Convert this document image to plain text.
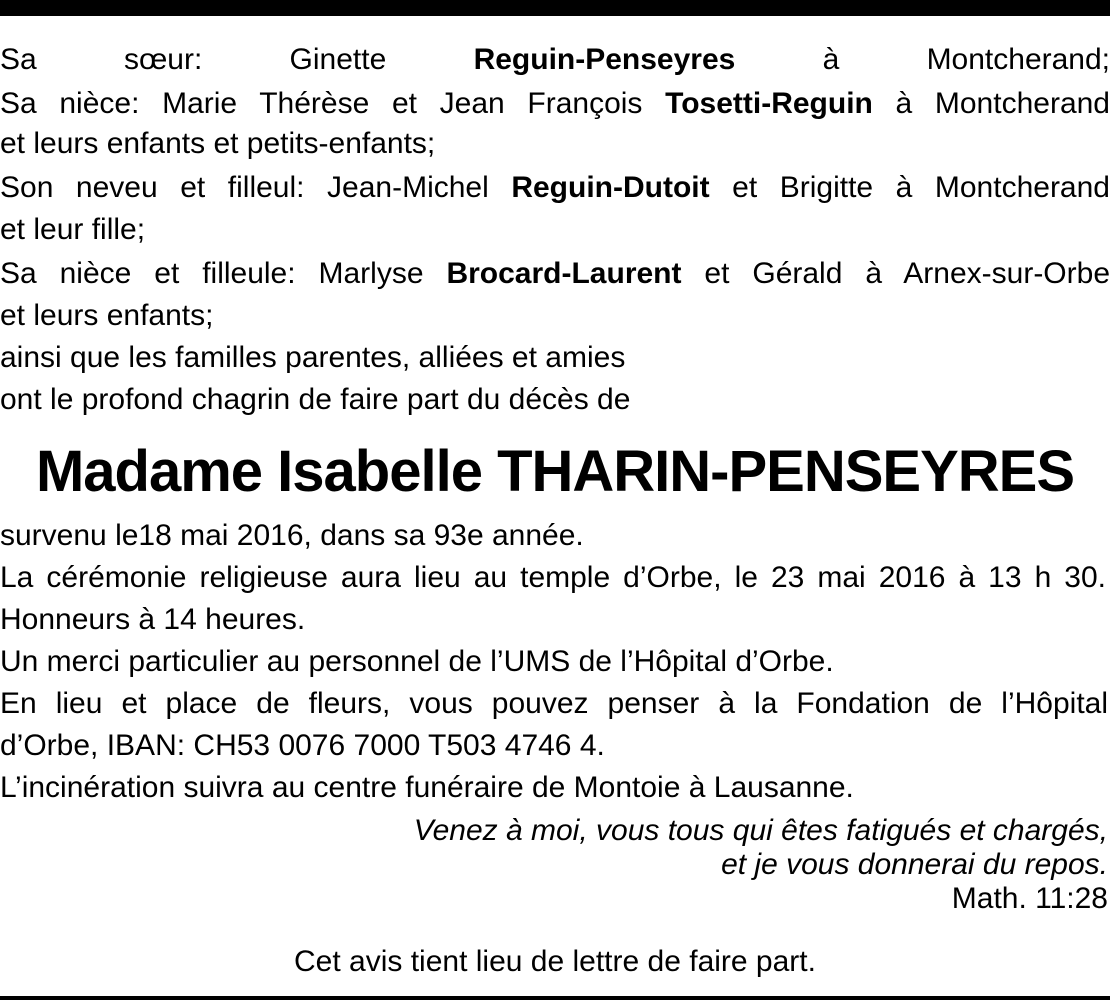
Sa sœur: Ginette Reguin-Penseyres à Montcherand;
Sa nièce: Marie Thérèse et Jean François Tosetti-Reguin à Montcherand
et leurs enfants et petits-enfants;
Son neveu et filleul: Jean-Michel Reguin-Dutoit et Brigitte à Montcherand
et leur fille;
Sa nièce et filleule: Marlyse Brocard-Laurent et Gérald à Arnex-sur-Orbe
et leurs enfants;
ainsi que les familles parentes, alliées et amies
ont le profond chagrin de faire part du décès de
Madame Isabelle THARIN-PENSEYRES
survenu le18 mai 2016, dans sa 93e année.
La cérémonie religieuse aura lieu au temple d’Orbe, le 23 mai 2016 à 13 h 30.
Honneurs à 14 heures.
Un merci particulier au personnel de l’UMS de l’Hôpital d’Orbe.
En lieu et place de fleurs, vous pouvez penser à la Fondation de l’Hôpital
d’Orbe, IBAN: CH53 0076 7000 T503 4746 4.
L’incinération suivra au centre funéraire de Montoie à Lausanne.
Venez à moi, vous tous qui êtes fatigués et chargés,
et je vous donnerai du repos.
Math. 11:28
Cet avis tient lieu de lettre de faire part.
